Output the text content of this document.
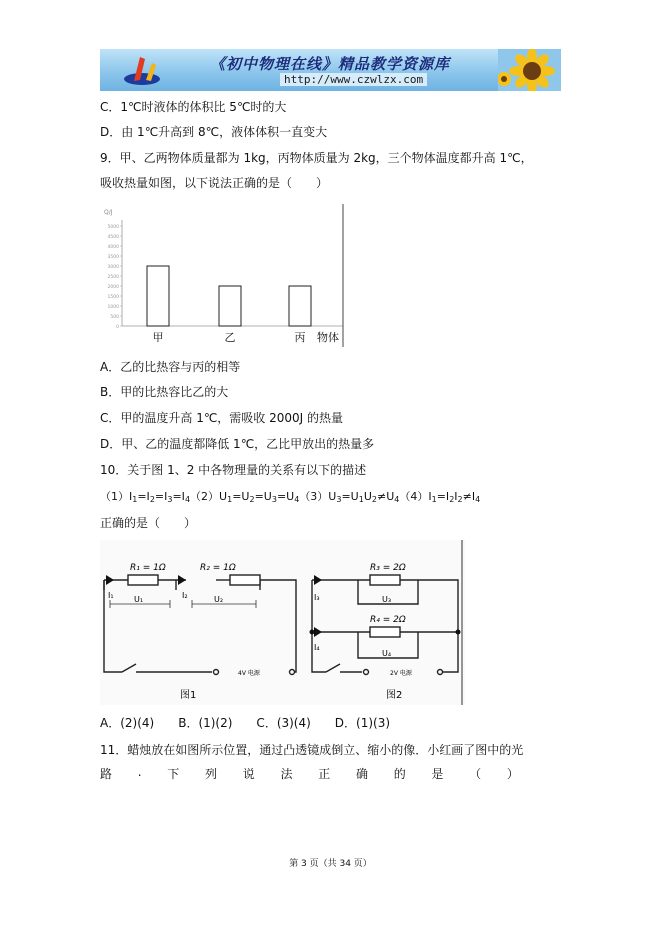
《初中物理在线》精品教学资源库
http://www.czwlzx.com
C．1℃时液体的体积比 5℃时的大
D．由 1℃升高到 8℃，液体体积一直变大
9．甲、乙两物体质量都为 1kg，丙物体质量为 2kg，三个物体温度都升高 1℃，
吸收热量如图，以下说法正确的是（　　）
Q/J
0
500
1000
1500
2000
2500
3000
3500
4000
4500
5000
甲	乙	丙 物体
A．乙的比热容与丙的相等
B．甲的比热容比乙的大
C．甲的温度升高 1℃，需吸收 2000J 的热量
D．甲、乙的温度都降低 1℃，乙比甲放出的热量多
10．关于图 1、2 中各物理量的关系有以下的描述
$(1)I_1=I_2=I_3=I_4(2)U_1=U_2=U_3=U_4(3)U_3=U_1U_2\ne U_4(4)I_1=I_2I_2\ne I_4$
正确的是（　　）
R₁ = 1Ω	R₂ = 1Ω
I₁	I₂
U₁	U₂
4V 电源
图1
R₃ = 2Ω
R₄ = 2Ω
I₃
I₄
U₃
U₄
2V 电源
图2
A．(2)(4)　　B．(1)(2)　　C．(3)(4)　　D．(1)(3)
11．蜡烛放在如图所示位置，通过凸透镜成倒立、缩小的像．小红画了图中的光
路 . 下 列 说 法 正 确 的 是 （ ）
第 3 页（共 34 页）
